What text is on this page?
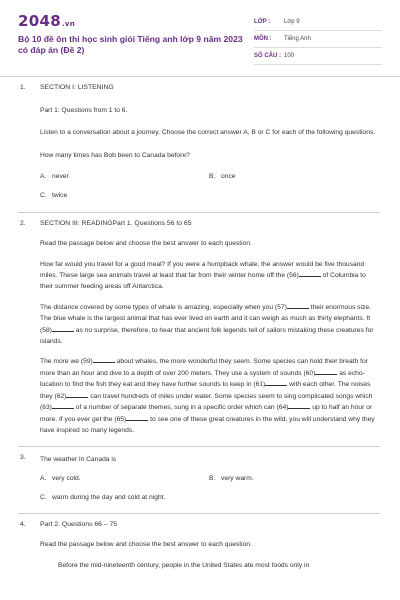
2048.vn
Bộ 10 đề ôn thi học sinh giỏi Tiếng anh lớp 9 năm 2023 có đáp án (Đề 2)
LỚP :	Lớp 9
MÔN :	Tiếng Anh
SỐ CÂU : 100
1. SECTION I: LISTENING

Part 1: Questions from 1 to 6.

Listen to a conversation about a journey. Choose the correct answer A, B or C for each of the following questions.

How many times has Bob been to Canada before?

A. never	B. once
C. twice
2. SECTION III: READINGPart 1. Questions 56 to 65

Read the passage below and choose the best answer to each question.

How far would you travel for a good meal? If you were a humpback whale, the answer would be five thousand miles. These large sea animals travel at least that far from their winter home off the (56)	of Columbia to their summer feeding areas off Antarctica.

The distance covered by some types of whale is amazing, especially when you (57)	their enormous size. The blue whale is the largest animal that has ever lived on earth and it can weigh as much as thirty elephants. It (58)	as no surprise, therefore, to hear that ancient folk legends tell of sailors mistaking these creatures for islands.

The more we (59)	about whales, the more wonderful they seem. Some species can hold their breath for more than an hour and dive to a depth of over 200 meters. They use a system of sounds (60)	as echo-location to find the fish they eat and they have further sounds to keep in (61)	with each other. The noises they (62)	can travel hundreds of miles under water. Some species seem to sing complicated songs which (63)	of a number of separate themes, sung in a specific order which can (64)	up to half an hour or more. If you ever get the (65)	to see one of these great creatures in the wild, you will understand why they have inspired so many legends.

3. The weather in Canada is

A. very cold.	B. very warm.
C. warm during the day and cold at night.
4. Part 2. Questions 66 – 75

Read the passage below and choose the best answer to each question.

Before the mid-nineteenth century, people in the United States ate most foods only in
